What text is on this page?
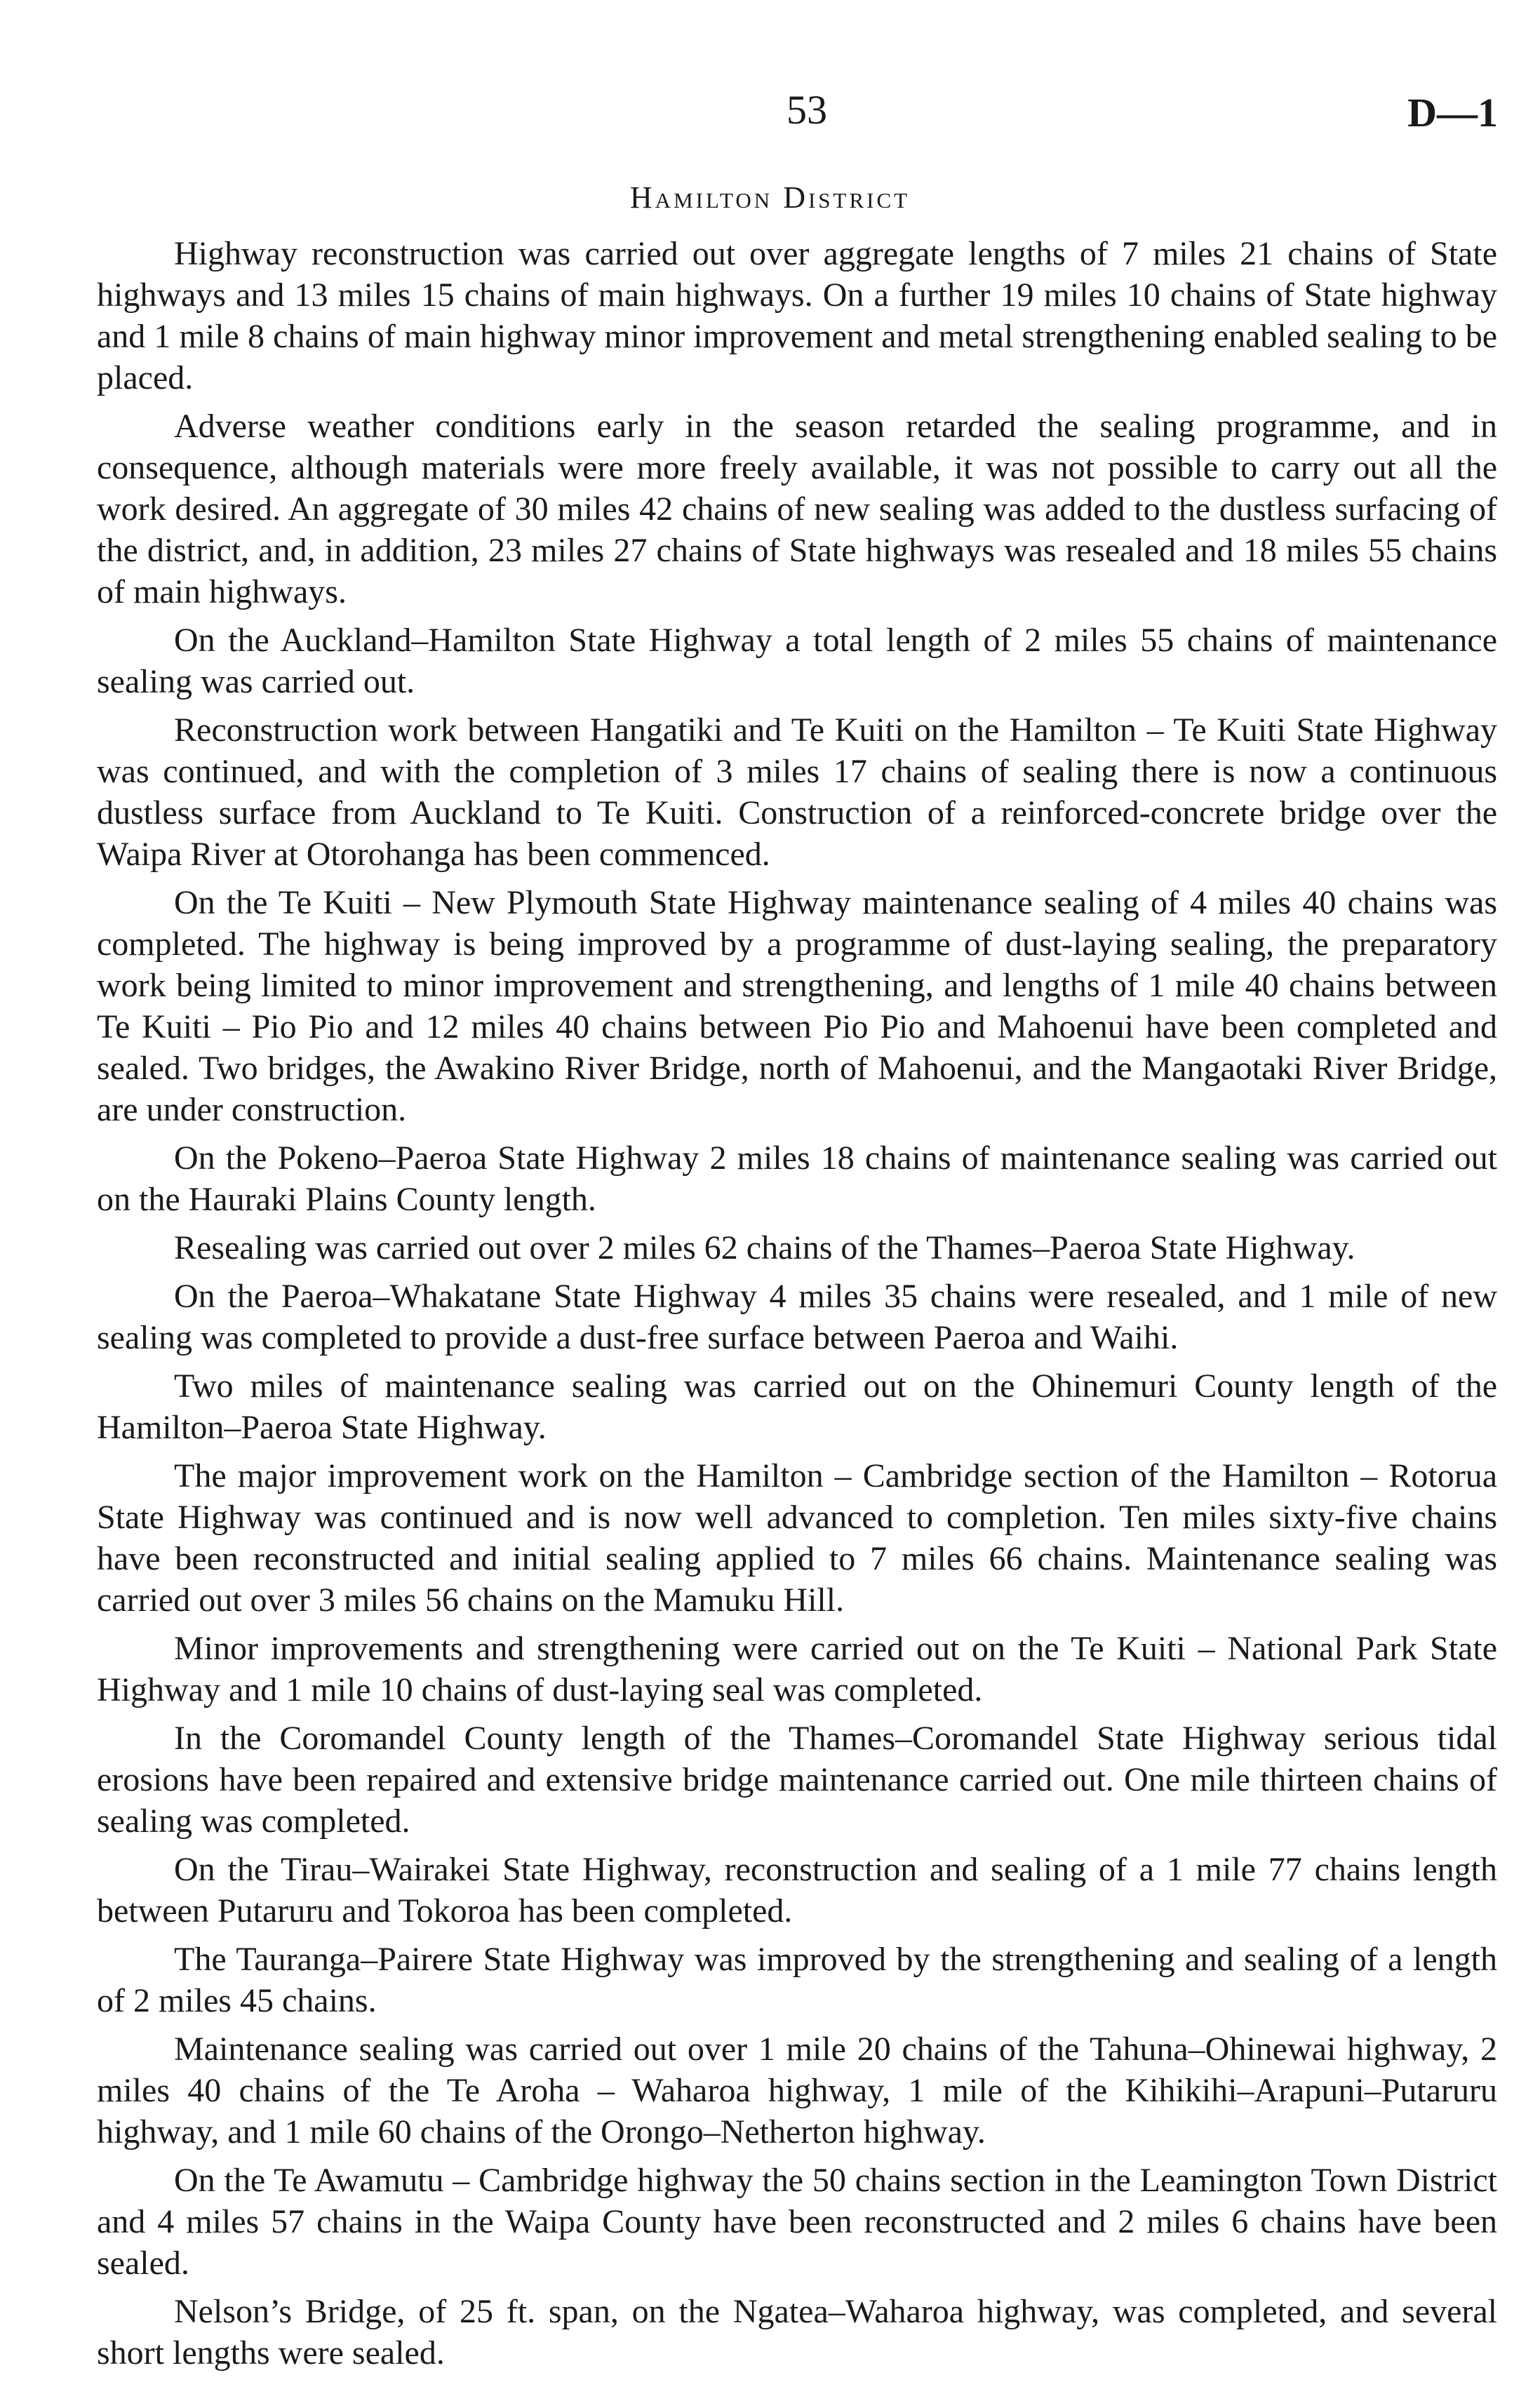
53	D—1
Hamilton District

Highway reconstruction was carried out over aggregate lengths of 7 miles 21 chains of State highways and 13 miles 15 chains of main highways. On a further 19 miles 10 chains of State highway and 1 mile 8 chains of main highway minor improvement and metal strengthening enabled sealing to be placed.

Adverse weather conditions early in the season retarded the sealing programme, and in consequence, although materials were more freely available, it was not possible to carry out all the work desired. An aggregate of 30 miles 42 chains of new sealing was added to the dustless surfacing of the district, and, in addition, 23 miles 27 chains of State highways was resealed and 18 miles 55 chains of main highways.

On the Auckland–Hamilton State Highway a total length of 2 miles 55 chains of maintenance sealing was carried out.

Reconstruction work between Hangatiki and Te Kuiti on the Hamilton – Te Kuiti State Highway was continued, and with the completion of 3 miles 17 chains of sealing there is now a continuous dustless surface from Auckland to Te Kuiti. Construction of a reinforced-concrete bridge over the Waipa River at Otorohanga has been commenced.

On the Te Kuiti – New Plymouth State Highway maintenance sealing of 4 miles 40 chains was completed. The highway is being improved by a programme of dust-laying sealing, the preparatory work being limited to minor improvement and strengthening, and lengths of 1 mile 40 chains between Te Kuiti – Pio Pio and 12 miles 40 chains between Pio Pio and Mahoenui have been completed and sealed. Two bridges, the Awakino River Bridge, north of Mahoenui, and the Mangaotaki River Bridge, are under construction.

On the Pokeno–Paeroa State Highway 2 miles 18 chains of maintenance sealing was carried out on the Hauraki Plains County length.

Resealing was carried out over 2 miles 62 chains of the Thames–Paeroa State Highway.

On the Paeroa–Whakatane State Highway 4 miles 35 chains were resealed, and 1 mile of new sealing was completed to provide a dust-free surface between Paeroa and Waihi.

Two miles of maintenance sealing was carried out on the Ohinemuri County length of the Hamilton–Paeroa State Highway.

The major improvement work on the Hamilton – Cambridge section of the Hamilton – Rotorua State Highway was continued and is now well advanced to completion. Ten miles sixty-five chains have been reconstructed and initial sealing applied to 7 miles 66 chains. Maintenance sealing was carried out over 3 miles 56 chains on the Mamuku Hill.

Minor improvements and strengthening were carried out on the Te Kuiti – National Park State Highway and 1 mile 10 chains of dust-laying seal was completed.

In the Coromandel County length of the Thames–Coromandel State Highway serious tidal erosions have been repaired and extensive bridge maintenance carried out. One mile thirteen chains of sealing was completed.

On the Tirau–Wairakei State Highway, reconstruction and sealing of a 1 mile 77 chains length between Putaruru and Tokoroa has been completed.

The Tauranga–Pairere State Highway was improved by the strengthening and sealing of a length of 2 miles 45 chains.

Maintenance sealing was carried out over 1 mile 20 chains of the Tahuna–Ohinewai highway, 2 miles 40 chains of the Te Aroha – Waharoa highway, 1 mile of the Kihikihi–Arapuni–Putaruru highway, and 1 mile 60 chains of the Orongo–Netherton highway.

On the Te Awamutu – Cambridge highway the 50 chains section in the Leamington Town District and 4 miles 57 chains in the Waipa County have been reconstructed and 2 miles 6 chains have been sealed.

Nelson’s Bridge, of 25 ft. span, on the Ngatea–Waharoa highway, was completed, and several short lengths were sealed.
